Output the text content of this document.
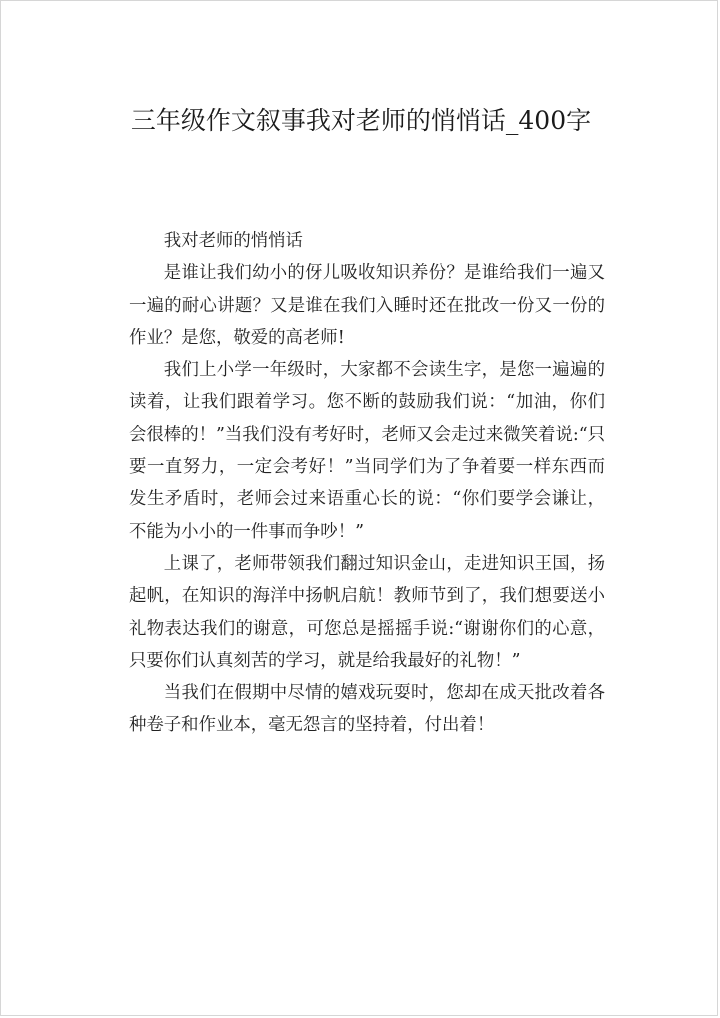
三年级作文叙事我对老师的悄悄话_400字

我对老师的悄悄话

是谁让我们幼小的伢儿吸收知识养份？是谁给我们一遍又一遍的耐心讲题？又是谁在我们入睡时还在批改一份又一份的作业？是您，敬爱的高老师!

我们上小学一年级时，大家都不会读生字，是您一遍遍的读着，让我们跟着学习。您不断的鼓励我们说：“加油，你们会很棒的！”当我们没有考好时，老师又会走过来微笑着说:“只要一直努力，一定会考好！”当同学们为了争着要一样东西而发生矛盾时，老师会过来语重心长的说：“你们要学会谦让，不能为小小的一件事而争吵！”

上课了，老师带领我们翻过知识金山，走进知识王国，扬起帆，在知识的海洋中扬帆启航！教师节到了，我们想要送小礼物表达我们的谢意，可您总是摇摇手说:“谢谢你们的心意，只要你们认真刻苦的学习，就是给我最好的礼物！”

当我们在假期中尽情的嬉戏玩耍时，您却在成天批改着各种卷子和作业本，毫无怨言的坚持着，付出着！
